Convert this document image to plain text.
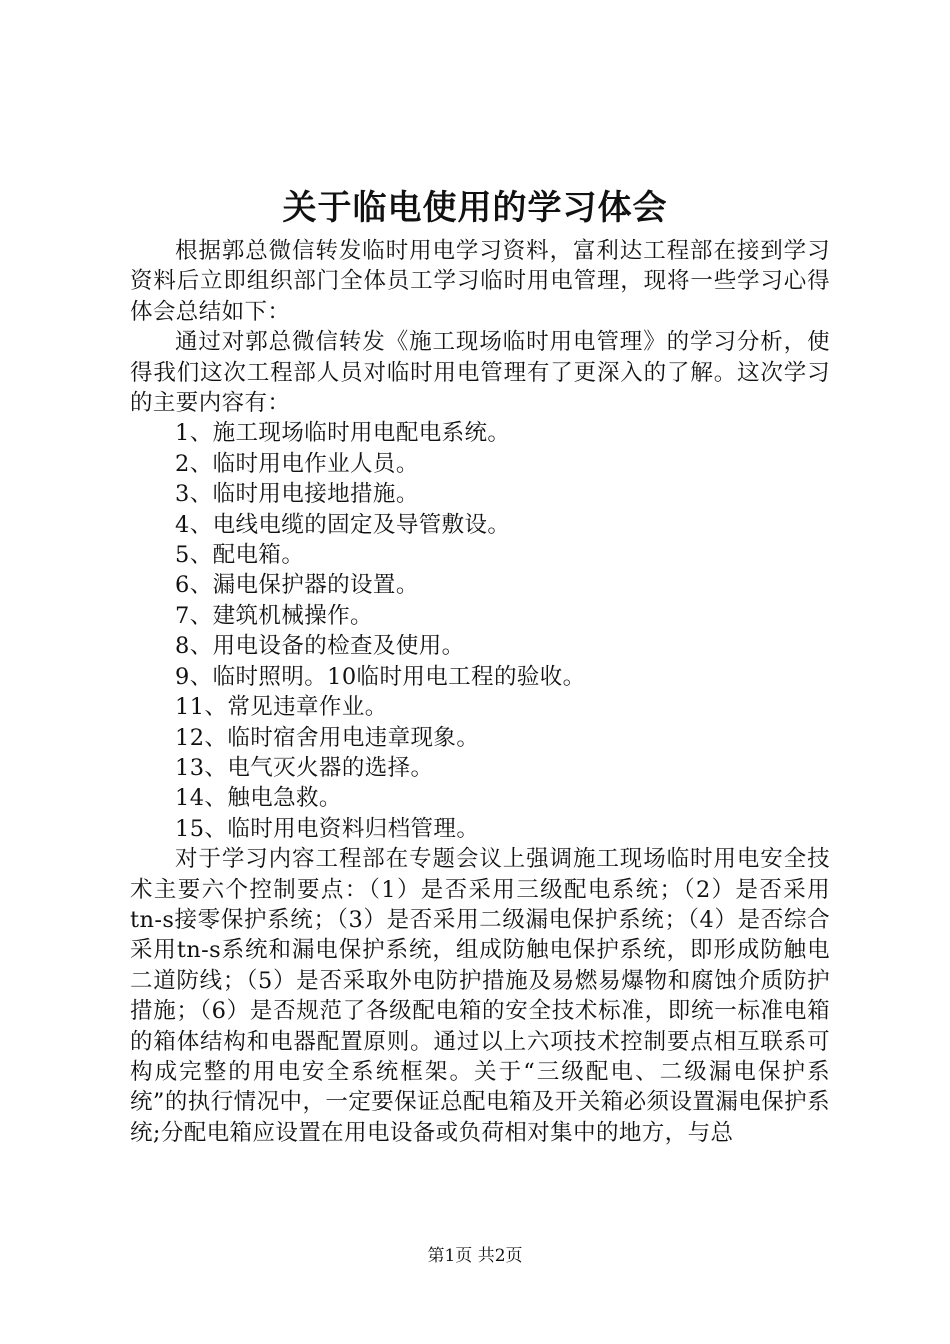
关于临电使用的学习体会

根据郭总微信转发临时用电学习资料，富利达工程部在接到学习资料后立即组织部门全体员工学习临时用电管理，现将一些学习心得体会总结如下：

通过对郭总微信转发《施工现场临时用电管理》的学习分析，使得我们这次工程部人员对临时用电管理有了更深入的了解。这次学习的主要内容有：

1、施工现场临时用电配电系统。

2、临时用电作业人员。

3、临时用电接地措施。

4、电线电缆的固定及导管敷设。

5、配电箱。

6、漏电保护器的设置。

7、建筑机械操作。

8、用电设备的检查及使用。

9、临时照明。10临时用电工程的验收。

11、常见违章作业。

12、临时宿舍用电违章现象。

13、电气灭火器的选择。

14、触电急救。

15、临时用电资料归档管理。

对于学习内容工程部在专题会议上强调施工现场临时用电安全技术主要六个控制要点：（1）是否采用三级配电系统；（2）是否采用tn-s接零保护系统；（3）是否采用二级漏电保护系统；（4）是否综合采用tn-s系统和漏电保护系统，组成防触电保护系统，即形成防触电二道防线；（5）是否采取外电防护措施及易燃易爆物和腐蚀介质防护措施；（6）是否规范了各级配电箱的安全技术标准，即统一标准电箱的箱体结构和电器配置原则。通过以上六项技术控制要点相互联系可构成完整的用电安全系统框架。关于“三级配电、二级漏电保护系统”的执行情况中，一定要保证总配电箱及开关箱必须设置漏电保护系统;分配电箱应设置在用电设备或负荷相对集中的地方，与总

第1页 共2页
